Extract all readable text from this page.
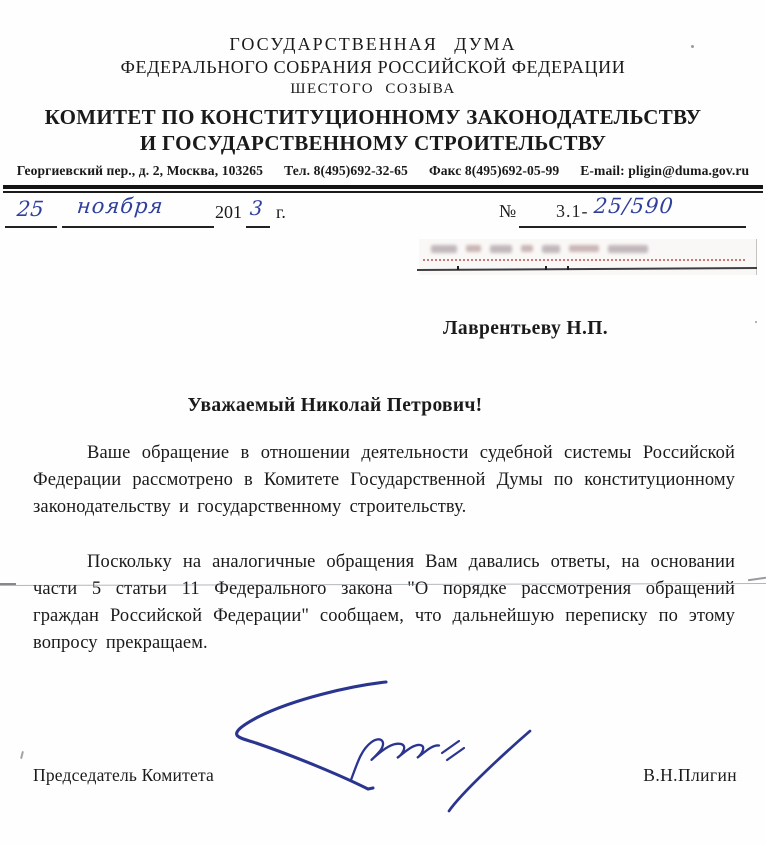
ГОСУДАРСТВЕННАЯ ДУМА
ФЕДЕРАЛЬНОГО СОБРАНИЯ РОССИЙСКОЙ ФЕДЕРАЦИИ
ШЕСТОГО СОЗЫВА
КОМИТЕТ ПО КОНСТИТУЦИОННОМУ ЗАКОНОДАТЕЛЬСТВУ
И ГОСУДАРСТВЕННОМУ СТРОИТЕЛЬСТВУ
Георгиевский пер., д. 2, Москва, 103265 Тел. 8(495)692-32-65 Факс 8(495)692-05-99 E-mail: pligin@duma.gov.ru
25 ноября	201 3 г.	№ 3.1- 25/590
Лаврентьеву Н.П.
Уважаемый Николай Петрович!
Ваше обращение в отношении деятельности судебной системы Российской Федерации рассмотрено в Комитете Государственной Думы по конституционному законодательству и государственному строительству.
Поскольку на аналогичные обращения Вам давались ответы, на основании части 5 статьи 11 Федерального закона "О порядке рассмотрения обращений граждан Российской Федерации" сообщаем, что дальнейшую переписку по этому вопросу прекращаем.
Председатель Комитета	В.Н.Плигин
